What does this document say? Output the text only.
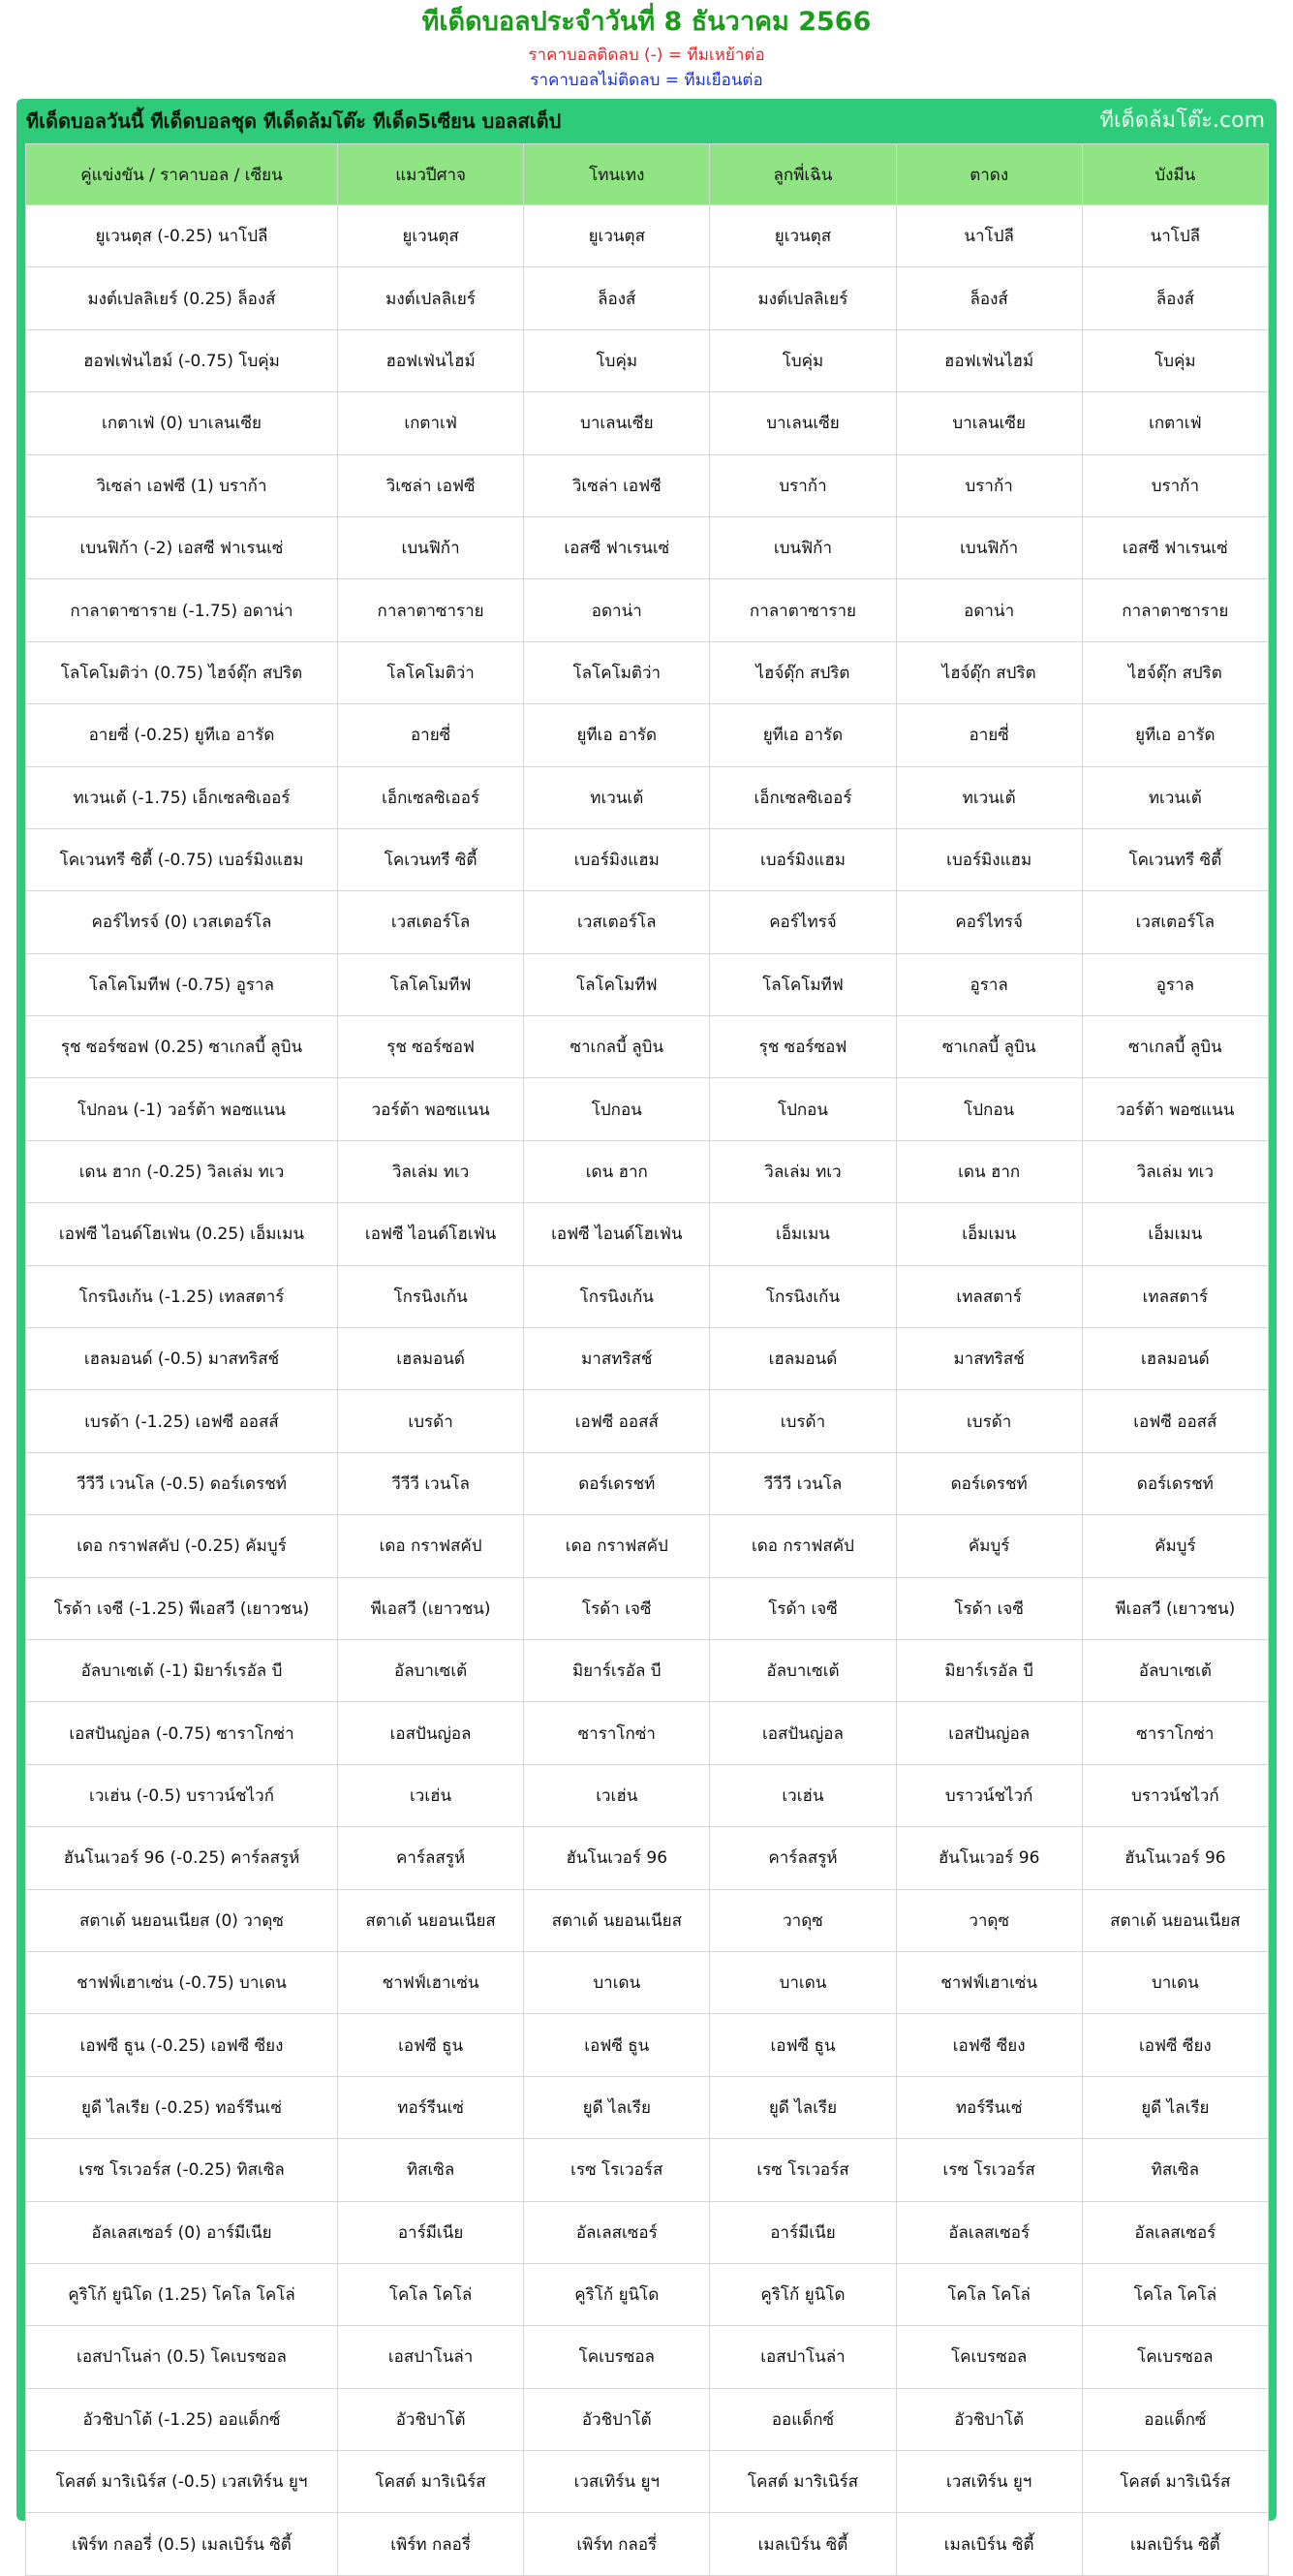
ทีเด็ดบอลประจำวันที่ 8 ธันวาคม 2566
ราคาบอลติดลบ (-) = ทีมเหย้าต่อ
ราคาบอลไม่ติดลบ = ทีมเยือนต่อ
ทีเด็ดบอลวันนี้ ทีเด็ดบอลชุด ทีเด็ดล้มโต๊ะ ทีเด็ด5เซียน บอลสเต็ป	ทีเด็ดล้มโต๊ะ.com
คู่แข่งขัน / ราคาบอล / เซียน	แมวปีศาจ	โทนเทง	ลูกพี่เฉิน	ตาดง	บังมีน
ยูเวนตุส (-0.25) นาโปลี	ยูเวนตุส	ยูเวนตุส	ยูเวนตุส	นาโปลี	นาโปลี
มงต์เปลลิเยร์ (0.25) ล็องส์	มงต์เปลลิเยร์	ล็องส์	มงต์เปลลิเยร์	ล็องส์	ล็องส์
ฮอฟเฟ่นไฮม์ (-0.75) โบคุ่ม	ฮอฟเฟ่นไฮม์	โบคุ่ม	โบคุ่ม	ฮอฟเฟ่นไฮม์	โบคุ่ม
เกตาเฟ่ (0) บาเลนเซีย	เกตาเฟ่	บาเลนเซีย	บาเลนเซีย	บาเลนเซีย	เกตาเฟ่
วิเซล่า เอฟซี (1) บราก้า	วิเซล่า เอฟซี	วิเซล่า เอฟซี	บราก้า	บราก้า	บราก้า
เบนฟิก้า (-2) เอสซี ฟาเรนเซ่	เบนฟิก้า	เอสซี ฟาเรนเซ่	เบนฟิก้า	เบนฟิก้า	เอสซี ฟาเรนเซ่
กาลาตาซาราย (-1.75) อดาน่า	กาลาตาซาราย	อดาน่า	กาลาตาซาราย	อดาน่า	กาลาตาซาราย
โลโคโมติว่า (0.75) ไฮจ์ดุ๊ก สปริต	โลโคโมติว่า	โลโคโมติว่า	ไฮจ์ดุ๊ก สปริต	ไฮจ์ดุ๊ก สปริต	ไฮจ์ดุ๊ก สปริต
อายซี่ (-0.25) ยูทีเอ อารัด	อายซี่	ยูทีเอ อารัด	ยูทีเอ อารัด	อายซี่	ยูทีเอ อารัด
ทเวนเต้ (-1.75) เอ็กเซลซิเออร์	เอ็กเซลซิเออร์	ทเวนเต้	เอ็กเซลซิเออร์	ทเวนเต้	ทเวนเต้
โคเวนทรี ซิตี้ (-0.75) เบอร์มิงแฮม	โคเวนทรี ซิตี้	เบอร์มิงแฮม	เบอร์มิงแฮม	เบอร์มิงแฮม	โคเวนทรี ซิตี้
คอร์ไทรจ์ (0) เวสเตอร์โล	เวสเตอร์โล	เวสเตอร์โล	คอร์ไทรจ์	คอร์ไทรจ์	เวสเตอร์โล
โลโคโมทีฟ (-0.75) อูราล	โลโคโมทีฟ	โลโคโมทีฟ	โลโคโมทีฟ	อูราล	อูราล
รุช ซอร์ซอฟ (0.25) ซาเกลบี้ ลูบิน	รุช ซอร์ซอฟ	ซาเกลบี้ ลูบิน	รุช ซอร์ซอฟ	ซาเกลบี้ ลูบิน	ซาเกลบี้ ลูบิน
โปกอน (-1) วอร์ต้า พอซแนน	วอร์ต้า พอซแนน	โปกอน	โปกอน	โปกอน	วอร์ต้า พอซแนน
เดน ฮาก (-0.25) วิลเล่ม ทเว	วิลเล่ม ทเว	เดน ฮาก	วิลเล่ม ทเว	เดน ฮาก	วิลเล่ม ทเว
เอฟซี ไอนด์โฮเฟ่น (0.25) เอ็มเมน	เอฟซี ไอนด์โฮเฟ่น	เอฟซี ไอนด์โฮเฟ่น	เอ็มเมน	เอ็มเมน	เอ็มเมน
โกรนิงเก้น (-1.25) เทลสตาร์	โกรนิงเก้น	โกรนิงเก้น	โกรนิงเก้น	เทลสตาร์	เทลสตาร์
เฮลมอนด์ (-0.5) มาสทริสช์	เฮลมอนด์	มาสทริสช์	เฮลมอนด์	มาสทริสช์	เฮลมอนด์
เบรด้า (-1.25) เอฟซี ออสส์	เบรด้า	เอฟซี ออสส์	เบรด้า	เบรด้า	เอฟซี ออสส์
วีวีวี เวนโล (-0.5) ดอร์เดรชท์	วีวีวี เวนโล	ดอร์เดรชท์	วีวีวี เวนโล	ดอร์เดรชท์	ดอร์เดรชท์
เดอ กราฟสคัป (-0.25) คัมบูร์	เดอ กราฟสคัป	เดอ กราฟสคัป	เดอ กราฟสคัป	คัมบูร์	คัมบูร์
โรด้า เจซี (-1.25) พีเอสวี (เยาวชน)	พีเอสวี (เยาวชน)	โรด้า เจซี	โรด้า เจซี	โรด้า เจซี	พีเอสวี (เยาวชน)
อัลบาเซเต้ (-1) มิยาร์เรอัล บี	อัลบาเซเต้	มิยาร์เรอัล บี	อัลบาเซเต้	มิยาร์เรอัล บี	อัลบาเซเต้
เอสปันญ่อล (-0.75) ซาราโกซ่า	เอสปันญ่อล	ซาราโกซ่า	เอสปันญ่อล	เอสปันญ่อล	ซาราโกซ่า
เวเฮ่น (-0.5) บราวน์ชไวก์	เวเฮ่น	เวเฮ่น	เวเฮ่น	บราวน์ชไวก์	บราวน์ชไวก์
ฮันโนเวอร์ 96 (-0.25) คาร์ลสรูห์	คาร์ลสรูห์	ฮันโนเวอร์ 96	คาร์ลสรูห์	ฮันโนเวอร์ 96	ฮันโนเวอร์ 96
สตาเด้ นยอนเนียส (0) วาดุซ	สตาเด้ นยอนเนียส	สตาเด้ นยอนเนียส	วาดุซ	วาดุซ	สตาเด้ นยอนเนียส
ชาฟฟ์เฮาเซ่น (-0.75) บาเดน	ชาฟฟ์เฮาเซ่น	บาเดน	บาเดน	ชาฟฟ์เฮาเซ่น	บาเดน
เอฟซี ธูน (-0.25) เอฟซี ซียง	เอฟซี ธูน	เอฟซี ธูน	เอฟซี ธูน	เอฟซี ซียง	เอฟซี ซียง
ยูดี ไลเรีย (-0.25) ทอร์รีนเซ่	ทอร์รีนเซ่	ยูดี ไลเรีย	ยูดี ไลเรีย	ทอร์รีนเซ่	ยูดี ไลเรีย
เรซ โรเวอร์ส (-0.25) ทิสเซิล	ทิสเซิล	เรซ โรเวอร์ส	เรซ โรเวอร์ส	เรซ โรเวอร์ส	ทิสเซิล
อัลเลสเซอร์ (0) อาร์มีเนีย	อาร์มีเนีย	อัลเลสเซอร์	อาร์มีเนีย	อัลเลสเซอร์	อัลเลสเซอร์
คูริโก้ ยูนิโด (1.25) โคโล โคโล่	โคโล โคโล่	คูริโก้ ยูนิโด	คูริโก้ ยูนิโด	โคโล โคโล่	โคโล โคโล่
เอสปาโนล่า (0.5) โคเบรซอล	เอสปาโนล่า	โคเบรซอล	เอสปาโนล่า	โคเบรซอล	โคเบรซอล
อัวชิปาโต้ (-1.25) ออแด็กซ์	อัวชิปาโต้	อัวชิปาโต้	ออแด็กซ์	อัวชิปาโต้	ออแด็กซ์
โคสต์ มาริเนิร์ส (-0.5) เวสเทิร์น ยูฯ	โคสต์ มาริเนิร์ส	เวสเทิร์น ยูฯ	โคสต์ มาริเนิร์ส	เวสเทิร์น ยูฯ	โคสต์ มาริเนิร์ส
เพิร์ท กลอรี่ (0.5) เมลเบิร์น ซิตี้	เพิร์ท กลอรี่	เพิร์ท กลอรี่	เมลเบิร์น ซิตี้	เมลเบิร์น ซิตี้	เมลเบิร์น ซิตี้
